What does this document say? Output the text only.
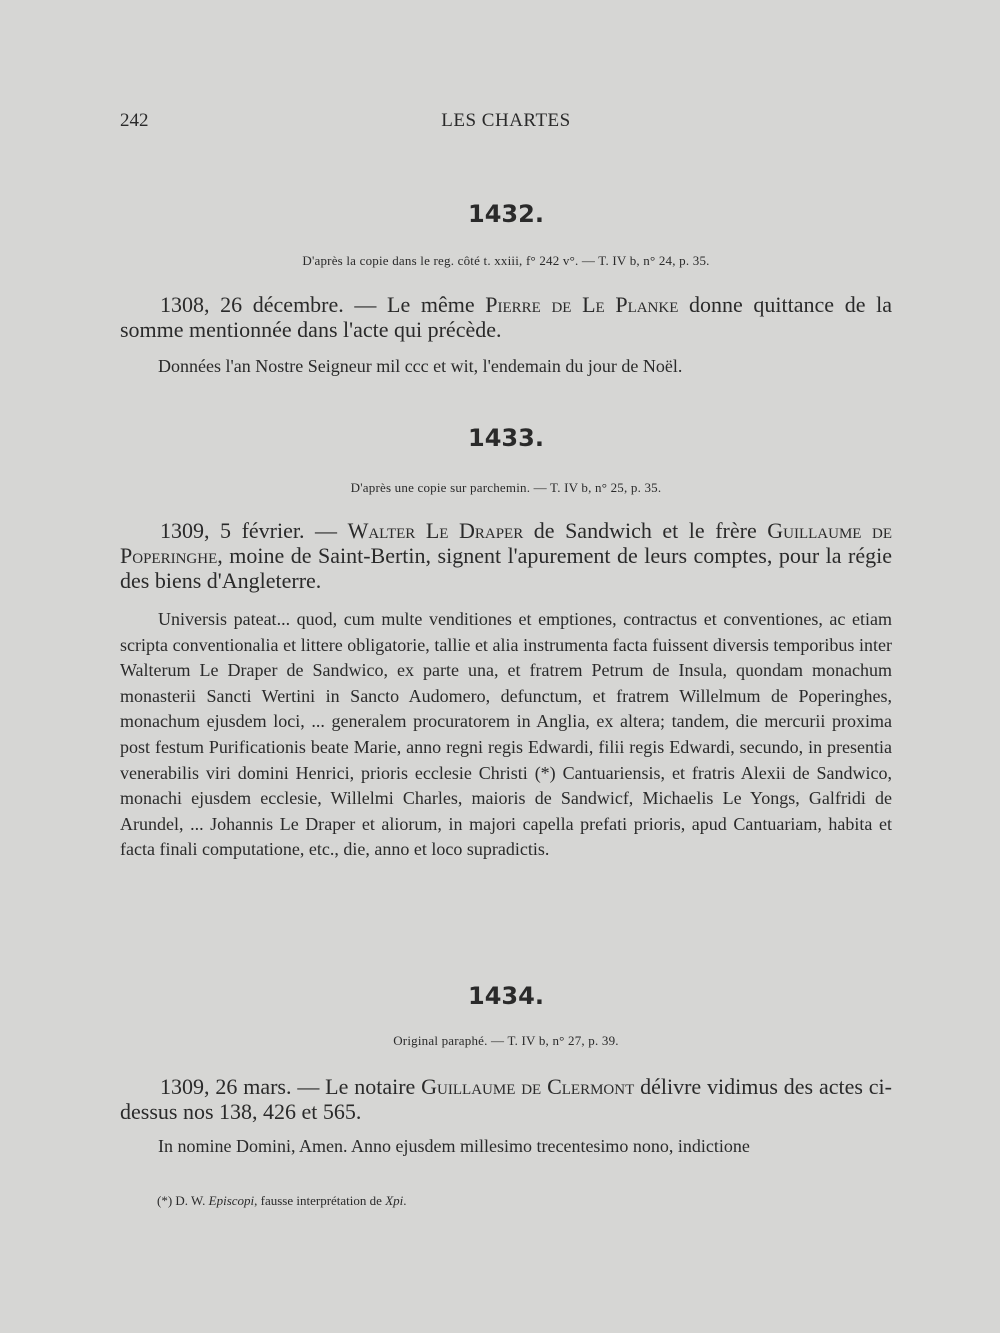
242	LES CHARTES
1432.
D'après la copie dans le reg. côté t. xxiii, f° 242 v°. — T. IV b, n° 24, p. 35.

1308, 26 décembre. — Le même Pierre de Le Planke donne quittance de la somme mentionnée dans l'acte qui précède.

Données l'an Nostre Seigneur mil ccc et wit, l'endemain du jour de Noël.

1433.
D'après une copie sur parchemin. — T. IV b, n° 25, p. 35.

1309, 5 février. — Walter Le Draper de Sandwich et le frère Guillaume de Poperinghe, moine de Saint-Bertin, signent l'apurement de leurs comptes, pour la régie des biens d'Angleterre.

Universis pateat... quod, cum multe venditiones et emptiones, contractus et conventiones, ac etiam scripta conventionalia et littere obligatorie, tallie et alia instrumenta facta fuissent diversis temporibus inter Walterum Le Draper de Sandwico, ex parte una, et fratrem Petrum de Insula, quondam monachum monasterii Sancti Wertini in Sancto Audomero, defunctum, et fratrem Willelmum de Poperinghes, monachum ejusdem loci, ... generalem procuratorem in Anglia, ex altera; tandem, die mercurii proxima post festum Purificationis beate Marie, anno regni regis Edwardi, filii regis Edwardi, secundo, in presentia venerabilis viri domini Henrici, prioris ecclesie Christi (*) Cantuariensis, et fratris Alexii de Sandwico, monachi ejusdem ecclesie, Willelmi Charles, maioris de Sandwicf, Michaelis Le Yongs, Galfridi de Arundel, ... Johannis Le Draper et aliorum, in majori capella prefati prioris, apud Cantuariam, habita et facta finali computatione, etc., die, anno et loco supradictis.

1434.
Original paraphé. — T. IV b, n° 27, p. 39.

1309, 26 mars. — Le notaire Guillaume de Clermont délivre vidimus des actes ci-dessus nos 138, 426 et 565.

In nomine Domini, Amen. Anno ejusdem millesimo trecentesimo nono, indictione

(*) D. W. Episcopi, fausse interprétation de Xpi.
